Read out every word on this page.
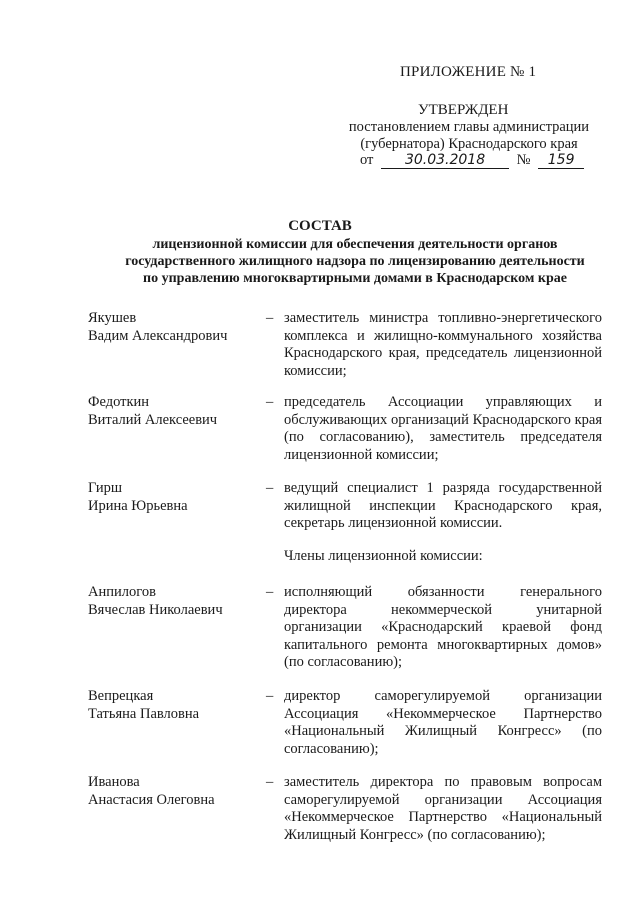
ПРИЛОЖЕНИЕ № 1
УТВЕРЖДЕН
постановлением главы администрации
(губернатора) Краснодарского края
от 30.03.2018 № 159
СОСТАВ
лицензионной комиссии для обеспечения деятельности органов
государственного жилищного надзора по лицензированию деятельности
по управлению многоквартирными домами в Краснодарском крае
Якушев
Вадим Александрович
– заместитель министра топливно-энергетического комплекса и жилищно-коммунального хозяйства Краснодарского края, председатель лицензионной комиссии;
Федоткин
Виталий Алексеевич
– председатель Ассоциации управляющих и обслуживающих организаций Краснодарского края (по согласованию), заместитель председателя лицензионной комиссии;
Гирш
Ирина Юрьевна
– ведущий специалист 1 разряда государственной жилищной инспекции Краснодарского края, секретарь лицензионной комиссии.
Члены лицензионной комиссии:
Анпилогов
Вячеслав Николаевич
– исполняющий обязанности генерального директора некоммерческой унитарной организации «Краснодарский краевой фонд капитального ремонта многоквартирных домов» (по согласованию);
Вепрецкая
Татьяна Павловна
– директор саморегулируемой организации Ассоциация «Некоммерческое Партнерство «Национальный Жилищный Конгресс» (по согласованию);
Иванова
Анастасия Олеговна
– заместитель директора по правовым вопросам саморегулируемой организации Ассоциация «Некоммерческое Партнерство «Национальный Жилищный Конгресс» (по согласованию);
